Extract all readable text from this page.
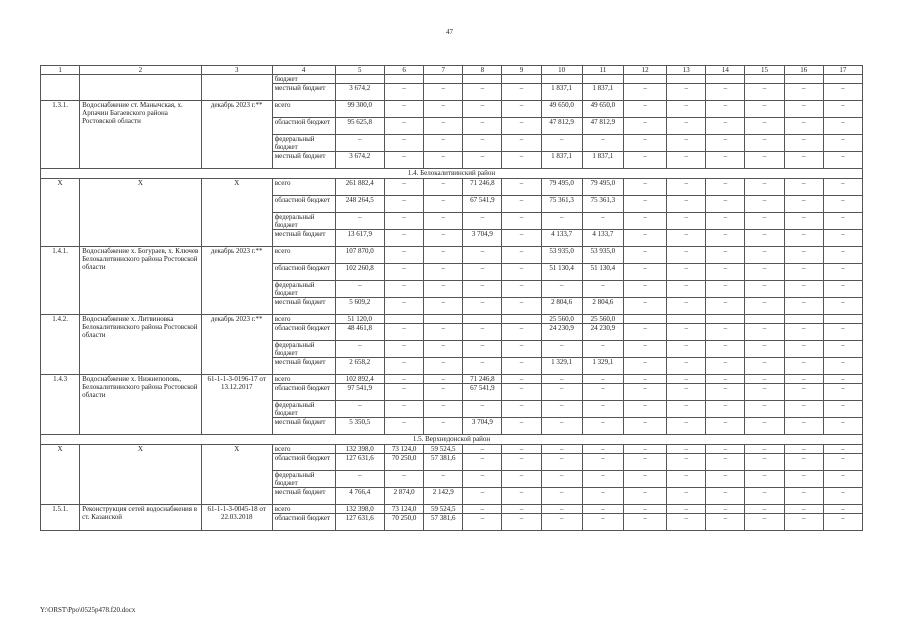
47
1	2	3	4	5	6	7	8	9	10	11	12	13	14	15	16	17
			бюджет													
			местный бюджет	3 674,2	–	–	–	–	1 837,1	1 837,1	–	–	–	–	–	–
1.3.1.	Водоснабжение ст. Манычская, х. Арпачин Багаевского района Ростовской области	декабрь 2023 г.**	всего	99 300,0	–	–	–	–	49 650,0	49 650,0	–	–	–	–	–	–
			областной бюджет	95 625,8	–	–	–	–	47 812,9	47 812,9	–	–	–	–	–	–
			федеральный бюджет	–	–	–	–	–	–	–	–	–	–	–	–	–
			местный бюджет	3 674,2	–	–	–	–	1 837,1	1 837,1	–	–	–	–	–	–
1.4. Белокалитвинский район																
Х	Х	Х	всего	261 882,4	–	–	71 246,8	–	79 495,0	79 495,0	–	–	–	–	–	–
			областной бюджет	248 264,5	–	–	67 541,9	–	75 361,3	75 361,3	–	–	–	–	–	–
			федеральный бюджет	–	–	–	–	–	–	–	–	–	–	–	–	–
			местный бюджет	13 617,9	–	–	3 704,9	–	4 133,7	4 133,7	–	–	–	–	–	–
1.4.1.	Водоснабжение х. Богураев, х. Ключев Белокалитвинского района Ростовской области	декабрь 2023 г.**	всего	107 870,0	–	–	–	–	53 935,0	53 935,0	–	–	–	–	–	–
			областной бюджет	102 260,8	–	–	–	–	51 130,4	51 130,4	–	–	–	–	–	–
			федеральный бюджет	–	–	–	–	–	–	–	–	–	–	–	–	–
			местный бюджет	5 609,2	–	–	–	–	2 804,6	2 804,6	–	–	–	–	–	–
1.4.2.	Водоснабжение х. Литвиновка Белокалитвинского района Ростовской области	декабрь 2023 г.**	всего	51 120,0					25 560,0	25 560,0						
			областной бюджет	48 461,8	–	–	–	–	24 230,9	24 230,9	–	–	–	–	–	–
			федеральный бюджет	–	–	–	–	–	–	–	–	–	–	–	–	–
			местный бюджет	2 658,2	–	–	–	–	1 329,1	1 329,1	–	–	–	–	–	–
1.4.3	Водоснабжение х. Нижнепоповь, Белокалитвинского района Ростовской области	61-1-1-3-0196-17 от 13.12.2017	всего	102 892,4	–	–	71 246,8	–	–	–	–	–	–	–	–	–
			областной бюджет	97 541,9	–	–	67 541,9	–	–	–	–	–	–	–	–	–
			федеральный бюджет	–	–	–	–	–	–	–	–	–	–	–	–	–
			местный бюджет	5 350,5	–	–	3 704,9	–	–	–	–	–	–	–	–	–
1.5. Верхнедонской район																
Х	Х	Х	всего	132 398,0	73 124,0	59 524,5	–	–	–	–	–	–	–	–	–	–
			областной бюджет	127 631,6	70 250,0	57 381,6	–	–	–	–	–	–	–	–	–	–
			федеральный бюджет	–	–	–	–	–	–	–	–	–	–	–	–	–
			местный бюджет	4 766,4	2 874,0	2 142,9	–	–	–	–	–	–	–	–	–	–
1.5.1.	Реконструкция сетей водоснабжения в ст. Казанской	61-1-1-3-0045-18 от 22.03.2018	всего	132 398,0	73 124,0	59 524,5	–	–	–	–	–	–	–	–	–	–
			областной бюджет	127 631,6	70 250,0	57 381,6	–	–	–	–	–	–	–	–	–	–
Y:\ORST\Ppo\0525p478.f20.docx
